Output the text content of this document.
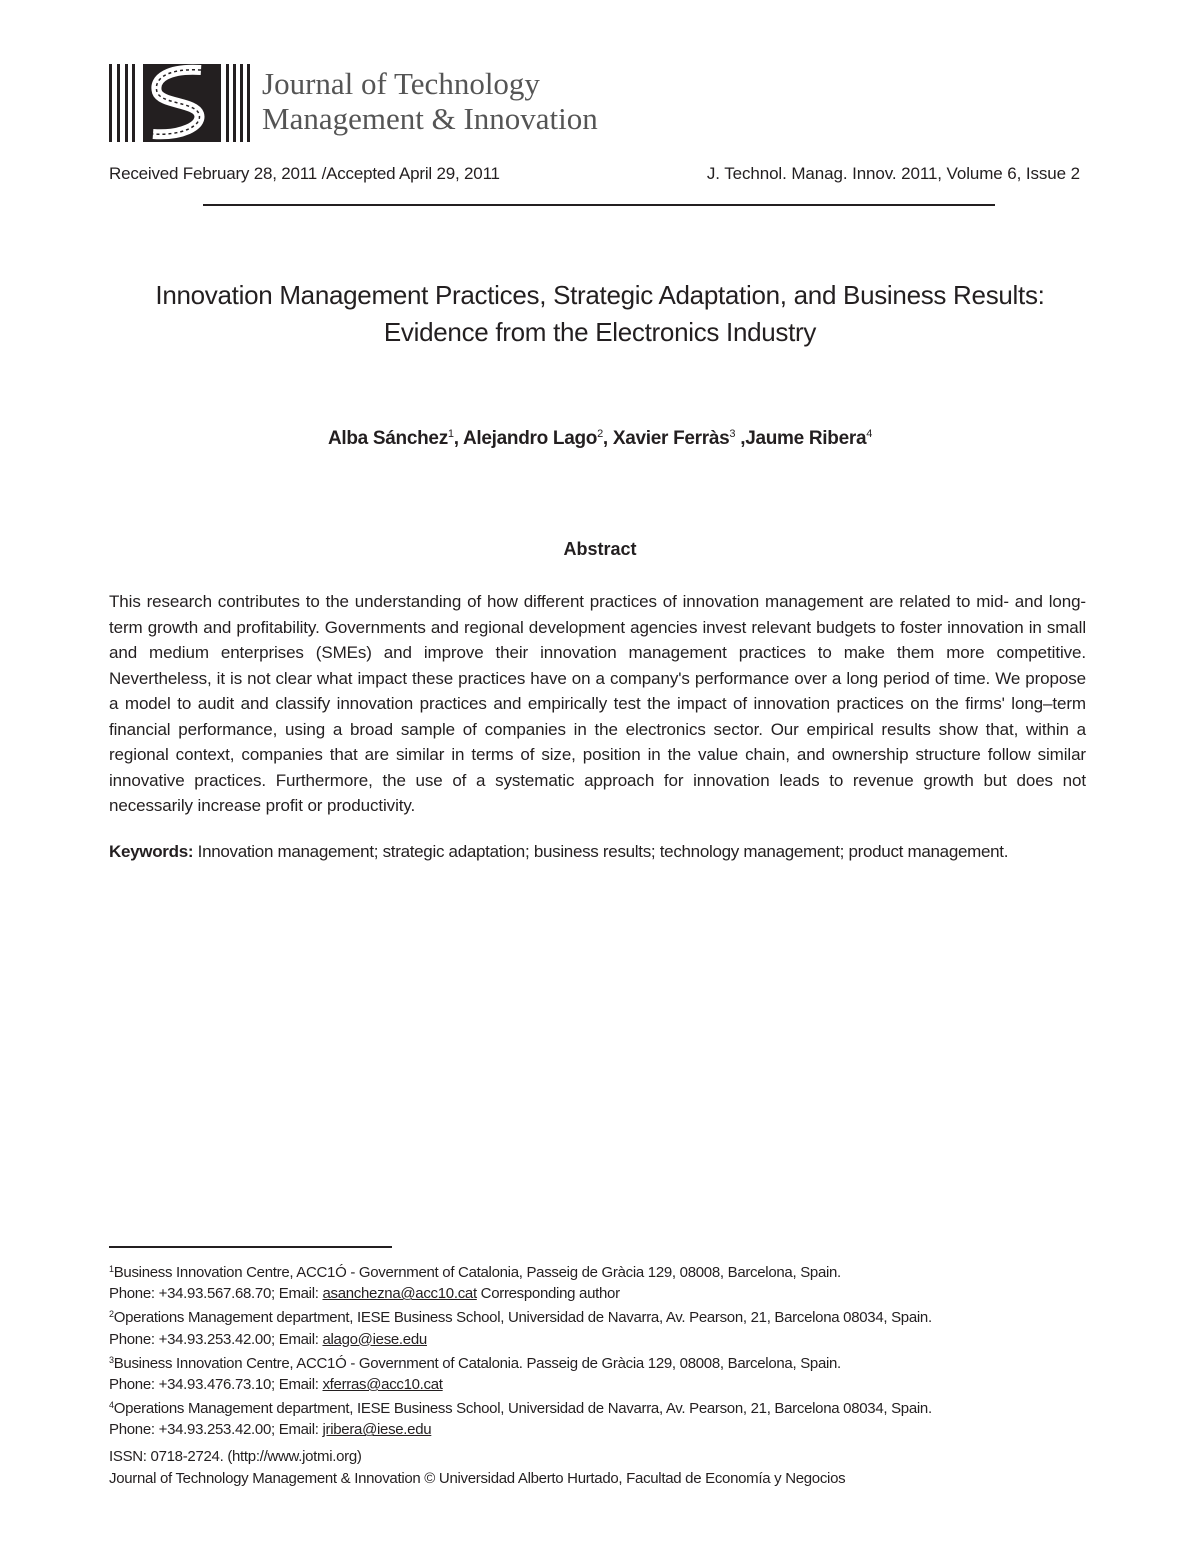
Journal of Technology
Management & Innovation
Received February 28, 2011 /Accepted April 29, 2011	J. Technol. Manag. Innov. 2011, Volume 6, Issue 2
Innovation Management Practices, Strategic Adaptation, and Business Results:
Evidence from the Electronics Industry
Alba Sánchez$^1$, Alejandro Lago$^2$, Xavier Ferràs$^3$ ,Jaume Ribera$^4$
Abstract
This research contributes to the understanding of how different practices of innovation management are related to mid- and long-term growth and profitability. Governments and regional development agencies invest relevant budgets to foster innovation in small and medium enterprises (SMEs) and improve their innovation management practices to make them more competitive. Nevertheless, it is not clear what impact these practices have on a company's performance over a long period of time. We propose a model to audit and classify innovation practices and empirically test the impact of innovation practices on the firms' long–term financial performance, using a broad sample of companies in the electronics sector. Our empirical results show that, within a regional context, companies that are similar in terms of size, position in the value chain, and ownership structure follow similar innovative practices. Furthermore, the use of a systematic approach for innovation leads to revenue growth but does not necessarily increase profit or productivity.
Keywords: Innovation management; strategic adaptation; business results; technology management; product management.
$^1$Business Innovation Centre, ACC1Ó - Government of Catalonia, Passeig de Gràcia 129, 08008, Barcelona, Spain.
Phone: +34.93.567.68.70; Email: asanchezna@acc10.cat Corresponding author
$^2$Operations Management department, IESE Business School, Universidad de Navarra, Av. Pearson, 21, Barcelona 08034, Spain.
Phone: +34.93.253.42.00; Email: alago@iese.edu
$^3$Business Innovation Centre, ACC1Ó - Government of Catalonia. Passeig de Gràcia 129, 08008, Barcelona, Spain.
Phone: +34.93.476.73.10; Email: xferras@acc10.cat
$^4$Operations Management department, IESE Business School, Universidad de Navarra, Av. Pearson, 21, Barcelona 08034, Spain.
Phone: +34.93.253.42.00; Email: jribera@iese.edu
ISSN: 0718-2724. (http://www.jotmi.org)
Journal of Technology Management & Innovation © Universidad Alberto Hurtado, Facultad de Economía y Negocios
